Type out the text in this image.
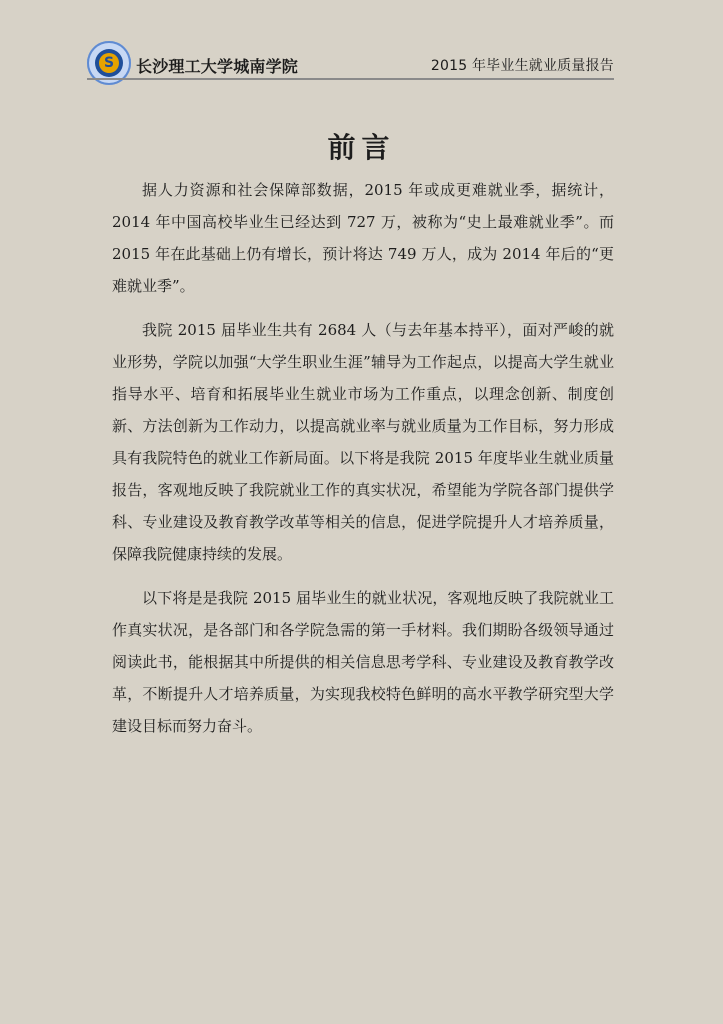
S	长沙理工大学城南学院	2015 年毕业生就业质量报告
前言

据人力资源和社会保障部数据，2015 年或成更难就业季，据统计，2014 年中国高校毕业生已经达到 727 万，被称为“史上最难就业季”。而 2015 年在此基础上仍有增长，预计将达 749 万人，成为 2014 年后的“更难就业季”。

我院 2015 届毕业生共有 2684 人（与去年基本持平），面对严峻的就业形势，学院以加强“大学生职业生涯”辅导为工作起点，以提高大学生就业指导水平、培育和拓展毕业生就业市场为工作重点，以理念创新、制度创新、方法创新为工作动力，以提高就业率与就业质量为工作目标，努力形成具有我院特色的就业工作新局面。以下将是我院 2015 年度毕业生就业质量报告，客观地反映了我院就业工作的真实状况，希望能为学院各部门提供学科、专业建设及教育教学改革等相关的信息，促进学院提升人才培养质量，保障我院健康持续的发展。

以下将是是我院 2015 届毕业生的就业状况，客观地反映了我院就业工作真实状况，是各部门和各学院急需的第一手材料。我们期盼各级领导通过阅读此书，能根据其中所提供的相关信息思考学科、专业建设及教育教学改革，不断提升人才培养质量，为实现我校特色鲜明的高水平教学研究型大学建设目标而努力奋斗。
